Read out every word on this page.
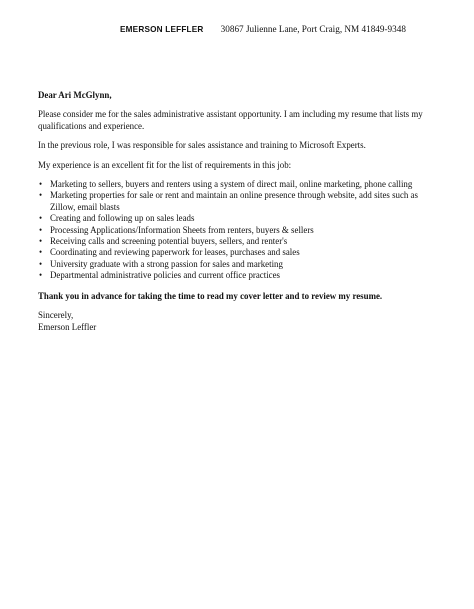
EMERSON LEFFLER 30867 Julienne Lane, Port Craig, NM 41849-9348

Dear Ari McGlynn,

Please consider me for the sales administrative assistant opportunity. I am including my resume that lists my qualifications and experience.

In the previous role, I was responsible for sales assistance and training to Microsoft Experts.

My experience is an excellent fit for the list of requirements in this job:

• Marketing to sellers, buyers and renters using a system of direct mail, online marketing, phone calling
• Marketing properties for sale or rent and maintain an online presence through website, add sites such as Zillow, email blasts
• Creating and following up on sales leads
• Processing Applications/Information Sheets from renters, buyers & sellers
• Receiving calls and screening potential buyers, sellers, and renter's
• Coordinating and reviewing paperwork for leases, purchases and sales
• University graduate with a strong passion for sales and marketing
• Departmental administrative policies and current office practices

Thank you in advance for taking the time to read my cover letter and to review my resume.

Sincerely,

Emerson Leffler
